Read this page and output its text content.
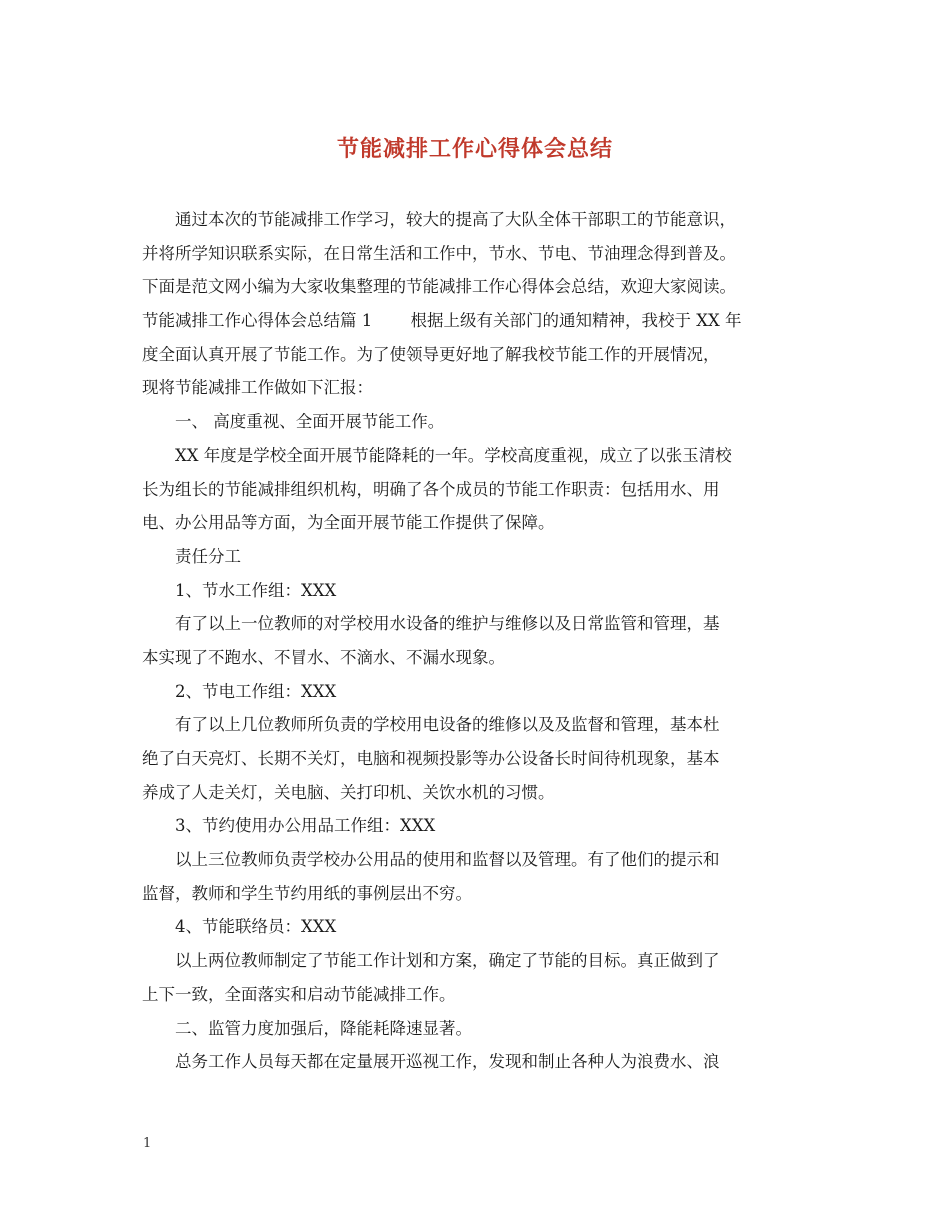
节能减排工作心得体会总结
通过本次的节能减排工作学习，较大的提高了大队全体干部职工的节能意识，
并将所学知识联系实际，在日常生活和工作中，节水、节电、节油理念得到普及。
下面是范文网小编为大家收集整理的节能减排工作心得体会总结，欢迎大家阅读。
节能减排工作心得体会总结篇 1　　 根据上级有关部门的通知精神，我校于 XX 年
度全面认真开展了节能工作。为了使领导更好地了解我校节能工作的开展情况，
现将节能减排工作做如下汇报：
一、 高度重视、全面开展节能工作。
XX 年度是学校全面开展节能降耗的一年。学校高度重视，成立了以张玉清校
长为组长的节能减排组织机构，明确了各个成员的节能工作职责：包括用水、用
电、办公用品等方面，为全面开展节能工作提供了保障。
责任分工
1、节水工作组：XXX
有了以上一位教师的对学校用水设备的维护与维修以及日常监管和管理，基
本实现了不跑水、不冒水、不滴水、不漏水现象。
2、节电工作组：XXX
有了以上几位教师所负责的学校用电设备的维修以及及监督和管理，基本杜
绝了白天亮灯、长期不关灯，电脑和视频投影等办公设备长时间待机现象，基本
养成了人走关灯，关电脑、关打印机、关饮水机的习惯。
3、节约使用办公用品工作组：XXX
以上三位教师负责学校办公用品的使用和监督以及管理。有了他们的提示和
监督，教师和学生节约用纸的事例层出不穷。
4、节能联络员：XXX
以上两位教师制定了节能工作计划和方案，确定了节能的目标。真正做到了
上下一致，全面落实和启动节能减排工作。
二、监管力度加强后，降能耗降速显著。
总务工作人员每天都在定量展开巡视工作，发现和制止各种人为浪费水、浪
1
